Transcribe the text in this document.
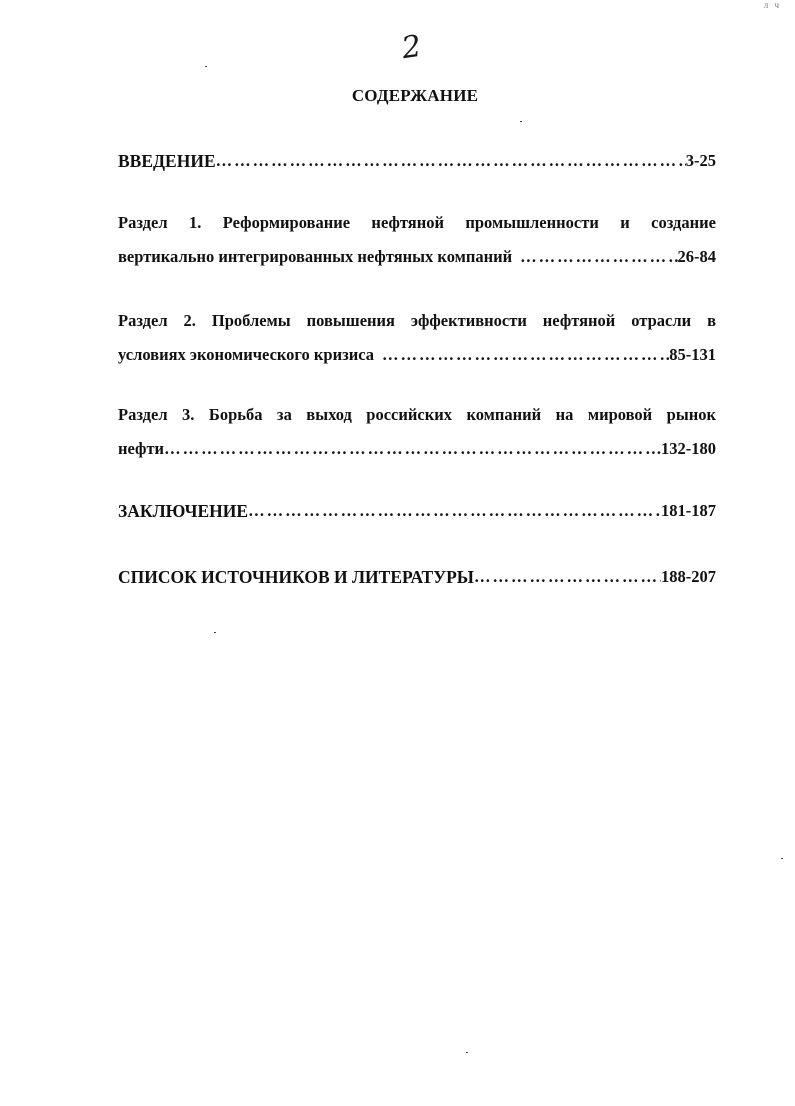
л ч
2
СОДЕРЖАНИЕ
ВВЕДЕНИЕ …………………………………………………………………………………………………………………………………………………………………………	3-25
Раздел 1. Реформирование нефтяной промышленности и создание
вертикально интегрированных нефтяных компаний …………………………………………………………………………………………………………………………………………………………………………	26-84
Раздел 2. Проблемы повышения эффективности нефтяной отрасли в
условиях экономического кризиса …………………………………………………………………………………………………………………………………………………………………………	85-131
Раздел 3. Борьба за выход российских компаний на мировой рынок
нефти …………………………………………………………………………………………………………………………………………………………………………	132-180
ЗАКЛЮЧЕНИЕ …………………………………………………………………………………………………………………………………………………………………………	181-187
СПИСОК ИСТОЧНИКОВ И ЛИТЕРАТУРЫ …………………………………………………………………………………………………………………………………………………………………………	188-207
